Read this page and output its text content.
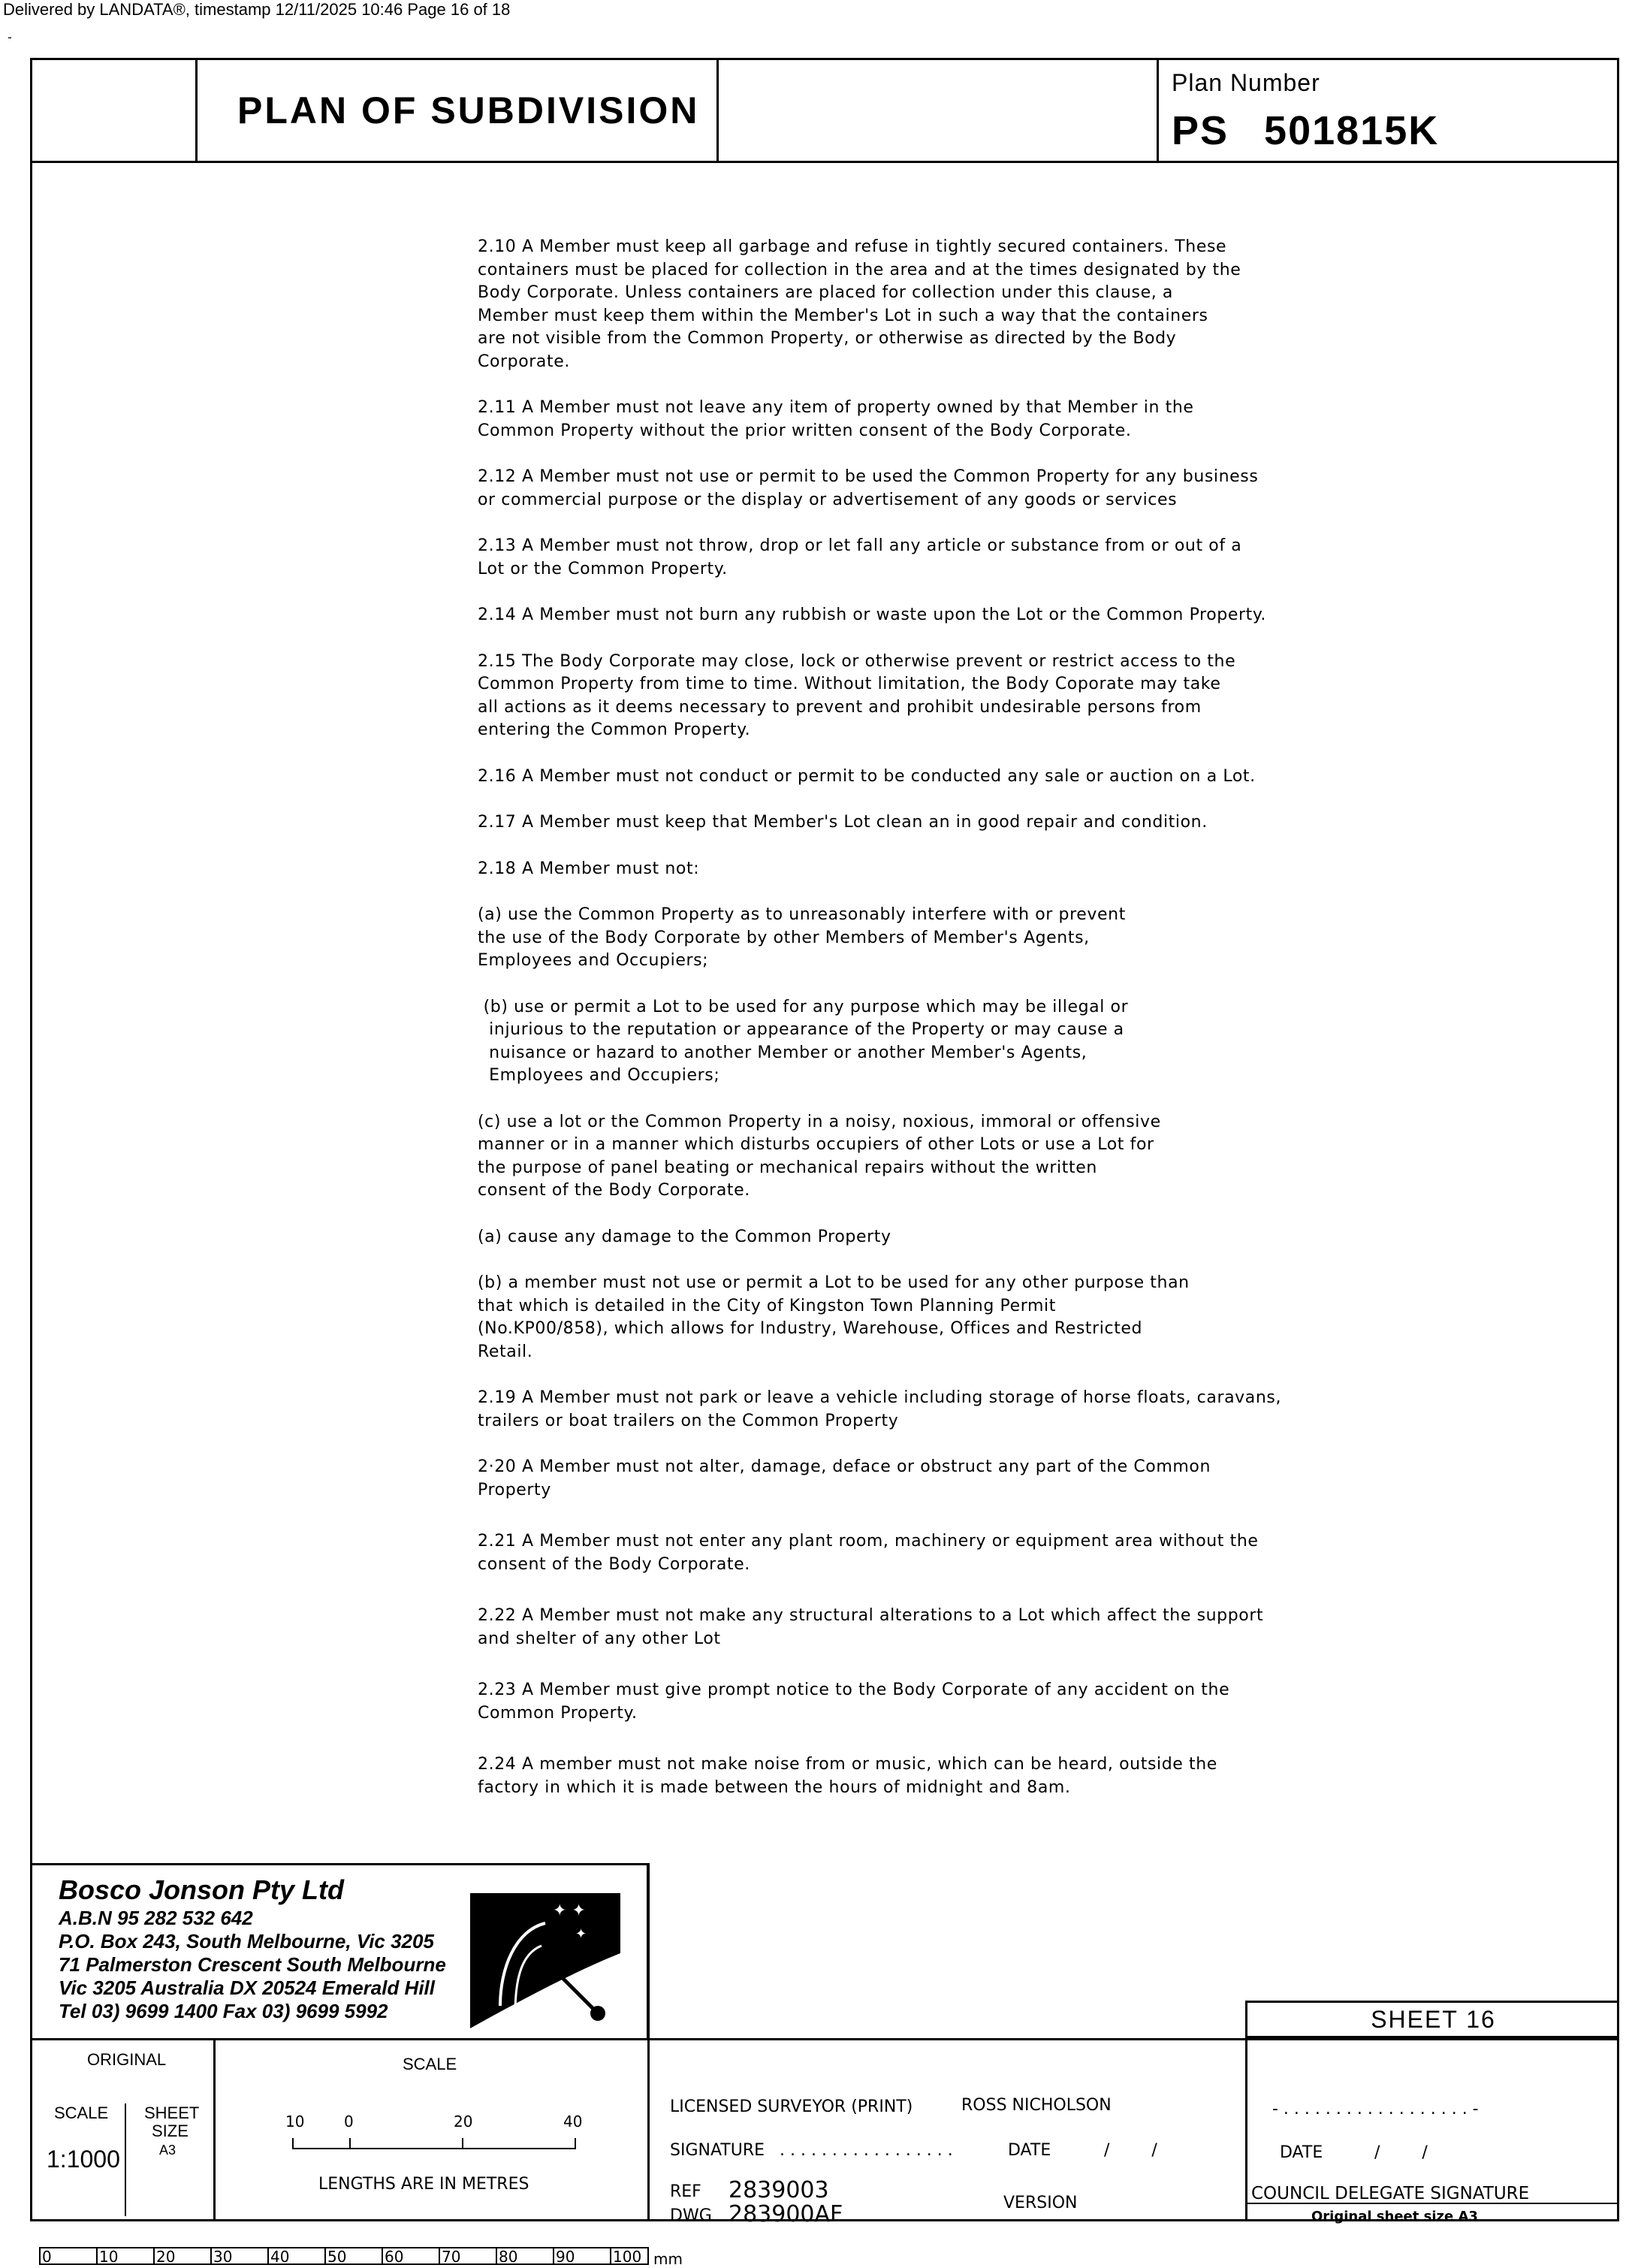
Delivered by LANDATA®, timestamp 12/11/2025 10:46 Page 16 of 18
-
PLAN OF SUBDIVISION
Plan Number
PS 501815K

2.10 A Member must keep all garbage and refuse in tightly secured containers. These

containers must be placed for collection in the area and at the times designated by the

Body Corporate. Unless containers are placed for collection under this clause, a

Member must keep them within the Member's Lot in such a way that the containers

are not visible from the Common Property, or otherwise as directed by the Body

Corporate.

2.11 A Member must not leave any item of property owned by that Member in the

Common Property without the prior written consent of the Body Corporate.

2.12 A Member must not use or permit to be used the Common Property for any business

or commercial purpose or the display or advertisement of any goods or services

2.13 A Member must not throw, drop or let fall any article or substance from or out of a

Lot or the Common Property.

2.14 A Member must not burn any rubbish or waste upon the Lot or the Common Property.

2.15 The Body Corporate may close, lock or otherwise prevent or restrict access to the

Common Property from time to time. Without limitation, the Body Coporate may take

all actions as it deems necessary to prevent and prohibit undesirable persons from

entering the Common Property.

2.16 A Member must not conduct or permit to be conducted any sale or auction on a Lot.

2.17 A Member must keep that Member's Lot clean an in good repair and condition.

2.18 A Member must not:

(a) use the Common Property as to unreasonably interfere with or prevent

the use of the Body Corporate by other Members of Member's Agents,

Employees and Occupiers;

(b) use or permit a Lot to be used for any purpose which may be illegal or

injurious to the reputation or appearance of the Property or may cause a

nuisance or hazard to another Member or another Member's Agents,

Employees and Occupiers;

(c) use a lot or the Common Property in a noisy, noxious, immoral or offensive

manner or in a manner which disturbs occupiers of other Lots or use a Lot for

the purpose of panel beating or mechanical repairs without the written

consent of the Body Corporate.

(a) cause any damage to the Common Property

(b) a member must not use or permit a Lot to be used for any other purpose than

that which is detailed in the City of Kingston Town Planning Permit

(No.KP00/858), which allows for Industry, Warehouse, Offices and Restricted

Retail.

2.19 A Member must not park or leave a vehicle including storage of horse floats, caravans,

trailers or boat trailers on the Common Property

2·20 A Member must not alter, damage, deface or obstruct any part of the Common

Property

2.21 A Member must not enter any plant room, machinery or equipment area without the

consent of the Body Corporate.

2.22 A Member must not make any structural alterations to a Lot which affect the support

and shelter of any other Lot

2.23 A Member must give prompt notice to the Body Corporate of any accident on the

Common Property.

2.24 A member must not make noise from or music, which can be heard, outside the

factory in which it is made between the hours of midnight and 8am.

Bosco Jonson Pty Ltd
A.B.N 95 282 532 642
P.O. Box 243, South Melbourne, Vic 3205
71 Palmerston Crescent South Melbourne
Vic 3205 Australia DX 20524 Emerald Hill
Tel 03) 9699 1400 Fax 03) 9699 5992
✦ ✦
✦
SHEET 16
ORIGINAL
SCALE
1:1000
SHEET
SIZE
A3
SCALE
10	0	20	40
LENGTHS ARE IN METRES
LICENSED SURVEYOR (PRINT)	ROSS NICHOLSON
SIGNATURE . . . . . . . . . . . . . . . . .	DATE	/        /
REF 2839003
DWG 283900AF	VERSION
- . . . . . . . . . . . . . . . . . . -
DATE	/        /
COUNCIL DELEGATE SIGNATURE
Original sheet size A3
0	10	20	30	40	50	60	70	80	90	100 mm
